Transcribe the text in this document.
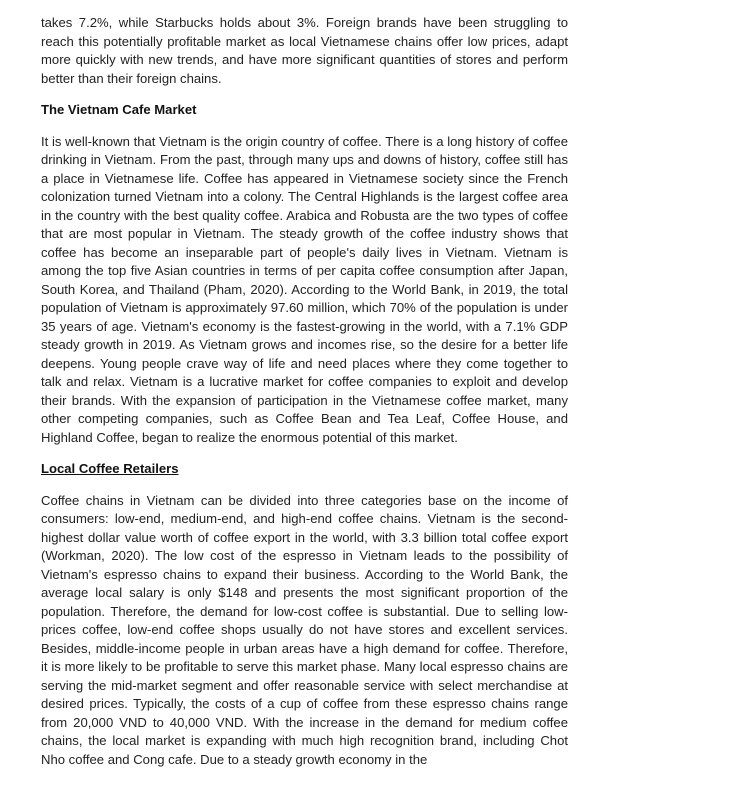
takes 7.2%, while Starbucks holds about 3%. Foreign brands have been struggling to reach this potentially profitable market as local Vietnamese chains offer low prices, adapt more quickly with new trends, and have more significant quantities of stores and perform better than their foreign chains.

The Vietnam Cafe Market

It is well-known that Vietnam is the origin country of coffee. There is a long history of coffee drinking in Vietnam. From the past, through many ups and downs of history, coffee still has a place in Vietnamese life. Coffee has appeared in Vietnamese society since the French colonization turned Vietnam into a colony. The Central Highlands is the largest coffee area in the country with the best quality coffee. Arabica and Robusta are the two types of coffee that are most popular in Vietnam. The steady growth of the coffee industry shows that coffee has become an inseparable part of people's daily lives in Vietnam. Vietnam is among the top five Asian countries in terms of per capita coffee consumption after Japan, South Korea, and Thailand (Pham, 2020). According to the World Bank, in 2019, the total population of Vietnam is approximately 97.60 million, which 70% of the population is under 35 years of age. Vietnam's economy is the fastest-growing in the world, with a 7.1% GDP steady growth in 2019. As Vietnam grows and incomes rise, so the desire for a better life deepens. Young people crave way of life and need places where they come together to talk and relax. Vietnam is a lucrative market for coffee companies to exploit and develop their brands. With the expansion of participation in the Vietnamese coffee market, many other competing companies, such as Coffee Bean and Tea Leaf, Coffee House, and Highland Coffee, began to realize the enormous potential of this market.

Local Coffee Retailers

Coffee chains in Vietnam can be divided into three categories base on the income of consumers: low-end, medium-end, and high-end coffee chains. Vietnam is the second-highest dollar value worth of coffee export in the world, with 3.3 billion total coffee export (Workman, 2020). The low cost of the espresso in Vietnam leads to the possibility of Vietnam's espresso chains to expand their business. According to the World Bank, the average local salary is only $148 and presents the most significant proportion of the population. Therefore, the demand for low-cost coffee is substantial. Due to selling low-prices coffee, low-end coffee shops usually do not have stores and excellent services. Besides, middle-income people in urban areas have a high demand for coffee. Therefore, it is more likely to be profitable to serve this market phase. Many local espresso chains are serving the mid-market segment and offer reasonable service with select merchandise at desired prices. Typically, the costs of a cup of coffee from these espresso chains range from 20,000 VND to 40,000 VND. With the increase in the demand for medium coffee chains, the local market is expanding with much high recognition brand, including Chot Nho coffee and Cong cafe. Due to a steady growth economy in the
